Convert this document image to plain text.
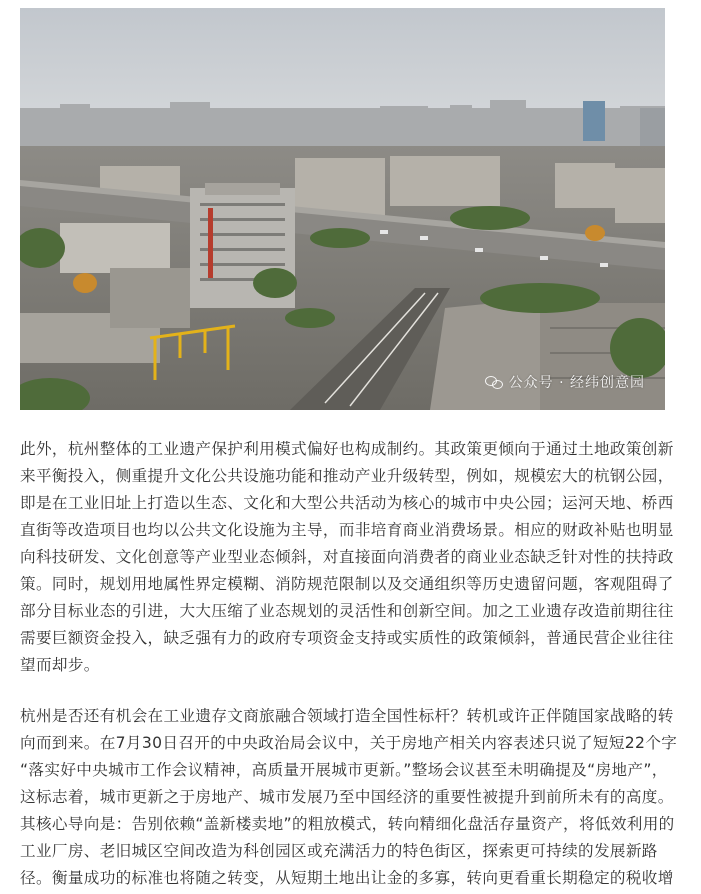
公众号 · 经纬创意园

此外，杭州整体的工业遗产保护利用模式偏好也构成制约。其政策更倾向于通过土地政策创新
来平衡投入，侧重提升文化公共设施功能和推动产业升级转型，例如，规模宏大的杭钢公园，
即是在工业旧址上打造以生态、文化和大型公共活动为核心的城市中央公园；运河天地、桥西
直街等改造项目也均以公共文化设施为主导，而非培育商业消费场景。相应的财政补贴也明显
向科技研发、文化创意等产业型业态倾斜，对直接面向消费者的商业业态缺乏针对性的扶持政
策。同时，规划用地属性界定模糊、消防规范限制以及交通组织等历史遗留问题，客观阻碍了
部分目标业态的引进，大大压缩了业态规划的灵活性和创新空间。加之工业遗存改造前期往往
需要巨额资金投入，缺乏强有力的政府专项资金支持或实质性的政策倾斜，普通民营企业往往
望而却步。

杭州是否还有机会在工业遗存文商旅融合领域打造全国性标杆？转机或许正伴随国家战略的转
向而到来。在7月30日召开的中央政治局会议中，关于房地产相关内容表述只说了短短22个字
“落实好中央城市工作会议精神，高质量开展城市更新。”整场会议甚至未明确提及“房地产”，
这标志着，城市更新之于房地产、城市发展乃至中国经济的重要性被提升到前所未有的高度。
其核心导向是：告别依赖“盖新楼卖地”的粗放模式，转向精细化盘活存量资产，将低效利用的
工业厂房、老旧城区空间改造为科创园区或充满活力的特色街区，探索更可持续的发展新路
径。衡量成功的标准也将随之转变，从短期土地出让金的多寡，转向更看重长期稳定的税收增
